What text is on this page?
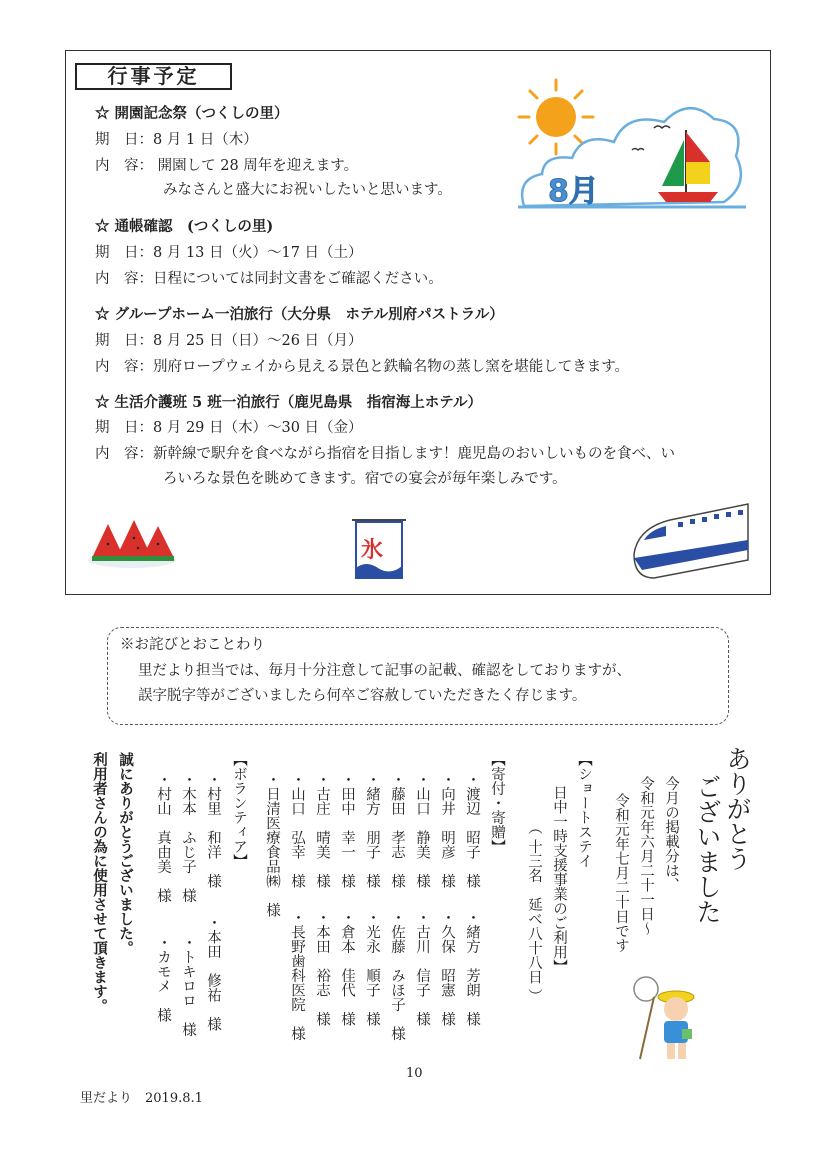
行事予定
☆ 開園記念祭（つくしの里）
期　日：8 月 1 日（木）
内　容： 開園して 28 周年を迎えます。
みなさんと盛大にお祝いしたいと思います。
☆ 通帳確認　(つくしの里)
期　日：8 月 13 日（火）～17 日（土）
内　容：日程については同封文書をご確認ください。
☆ グループホーム一泊旅行（大分県　ホテル別府パストラル）
期　日：8 月 25 日（日）～26 日（月）
内　容：別府ロープウェイから見える景色と鉄輪名物の蒸し窯を堪能してきます。
☆ 生活介護班 5 班一泊旅行（鹿児島県　指宿海上ホテル）
期　日：8 月 29 日（木）～30 日（金）
内　容：新幹線で駅弁を食べながら指宿を目指します！鹿児島のおいしいものを食べ、い
ろいろな景色を眺めてきます。宿での宴会が毎年楽しみです。
8月
氷
※お詫びとおことわり
里だより担当では、毎月十分注意して記事の記載、確認をしておりますが、
誤字脱字等がございましたら何卒ご容赦していただきたく存じます。
ありがとう
ございました
今月の掲載分は、
令和元年六月二十一日～
令和元年七月二十日です
【ショートステイ
日中一時支援事業のご利用】
（ 十三名　延べ八十八日 ）
【寄付・寄贈】
・渡辺　昭子　様
・向井　明彦　様
・山口　静美　様
・藤田　孝志　様
・緒方　朋子　様
・田中　幸一　様
・古庄　晴美　様
・山口　弘幸　様
・日清医療食品㈱　様
・緒方　芳朗　様
・久保　昭憲　様
・古川　信子　様
・佐藤　みほ子　様
・光永　順子　様
・倉本　佳代　様
・本田　裕志　様
・長野歯科医院　様
【ボランティア】
・村里　和洋　様
・木本　ふじ子　様
・村山　真由美　様
・本田　修祐　様
・トキロロ　様
・カモメ　様
誠にありがとうございました。
利用者さんの為に使用させて頂きます。
10
里だより　2019.8.1
